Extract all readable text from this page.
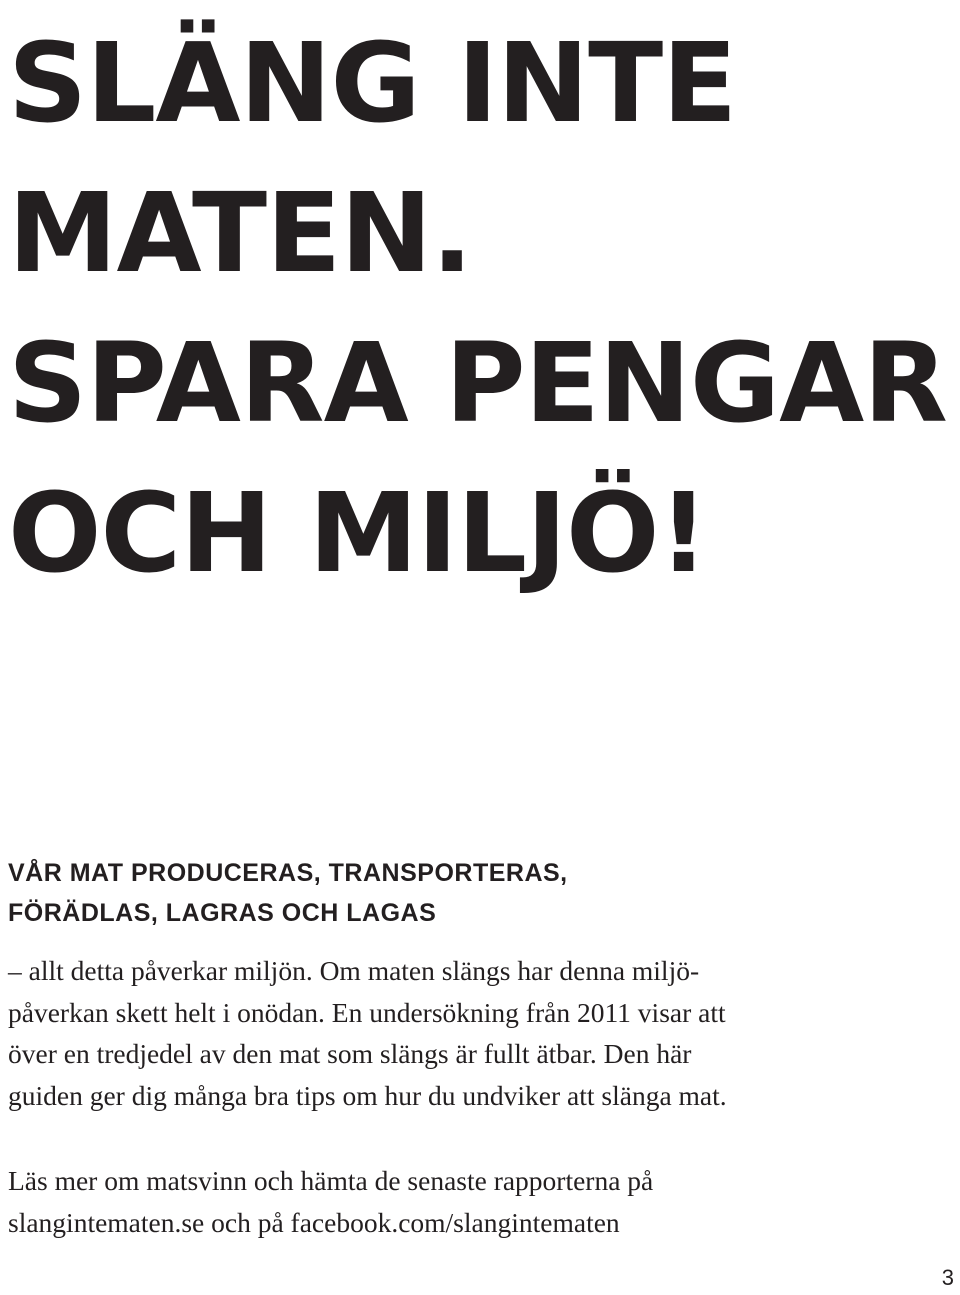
SLÄNG INTE
MATEN.
SPARA PENGAR
OCH MILJÖ!
VÅR MAT PRODUCERAS, TRANSPORTERAS,
FÖRÄDLAS, LAGRAS OCH LAGAS
– allt detta påverkar miljön. Om maten slängs har denna miljö-
påverkan skett helt i onödan. En undersökning från 2011 visar att
över en tredjedel av den mat som slängs är fullt ätbar. Den här
guiden ger dig många bra tips om hur du undviker att slänga mat.
Läs mer om matsvinn och hämta de senaste rapporterna på
slangintematen.se och på facebook.com/slangintematen
3
